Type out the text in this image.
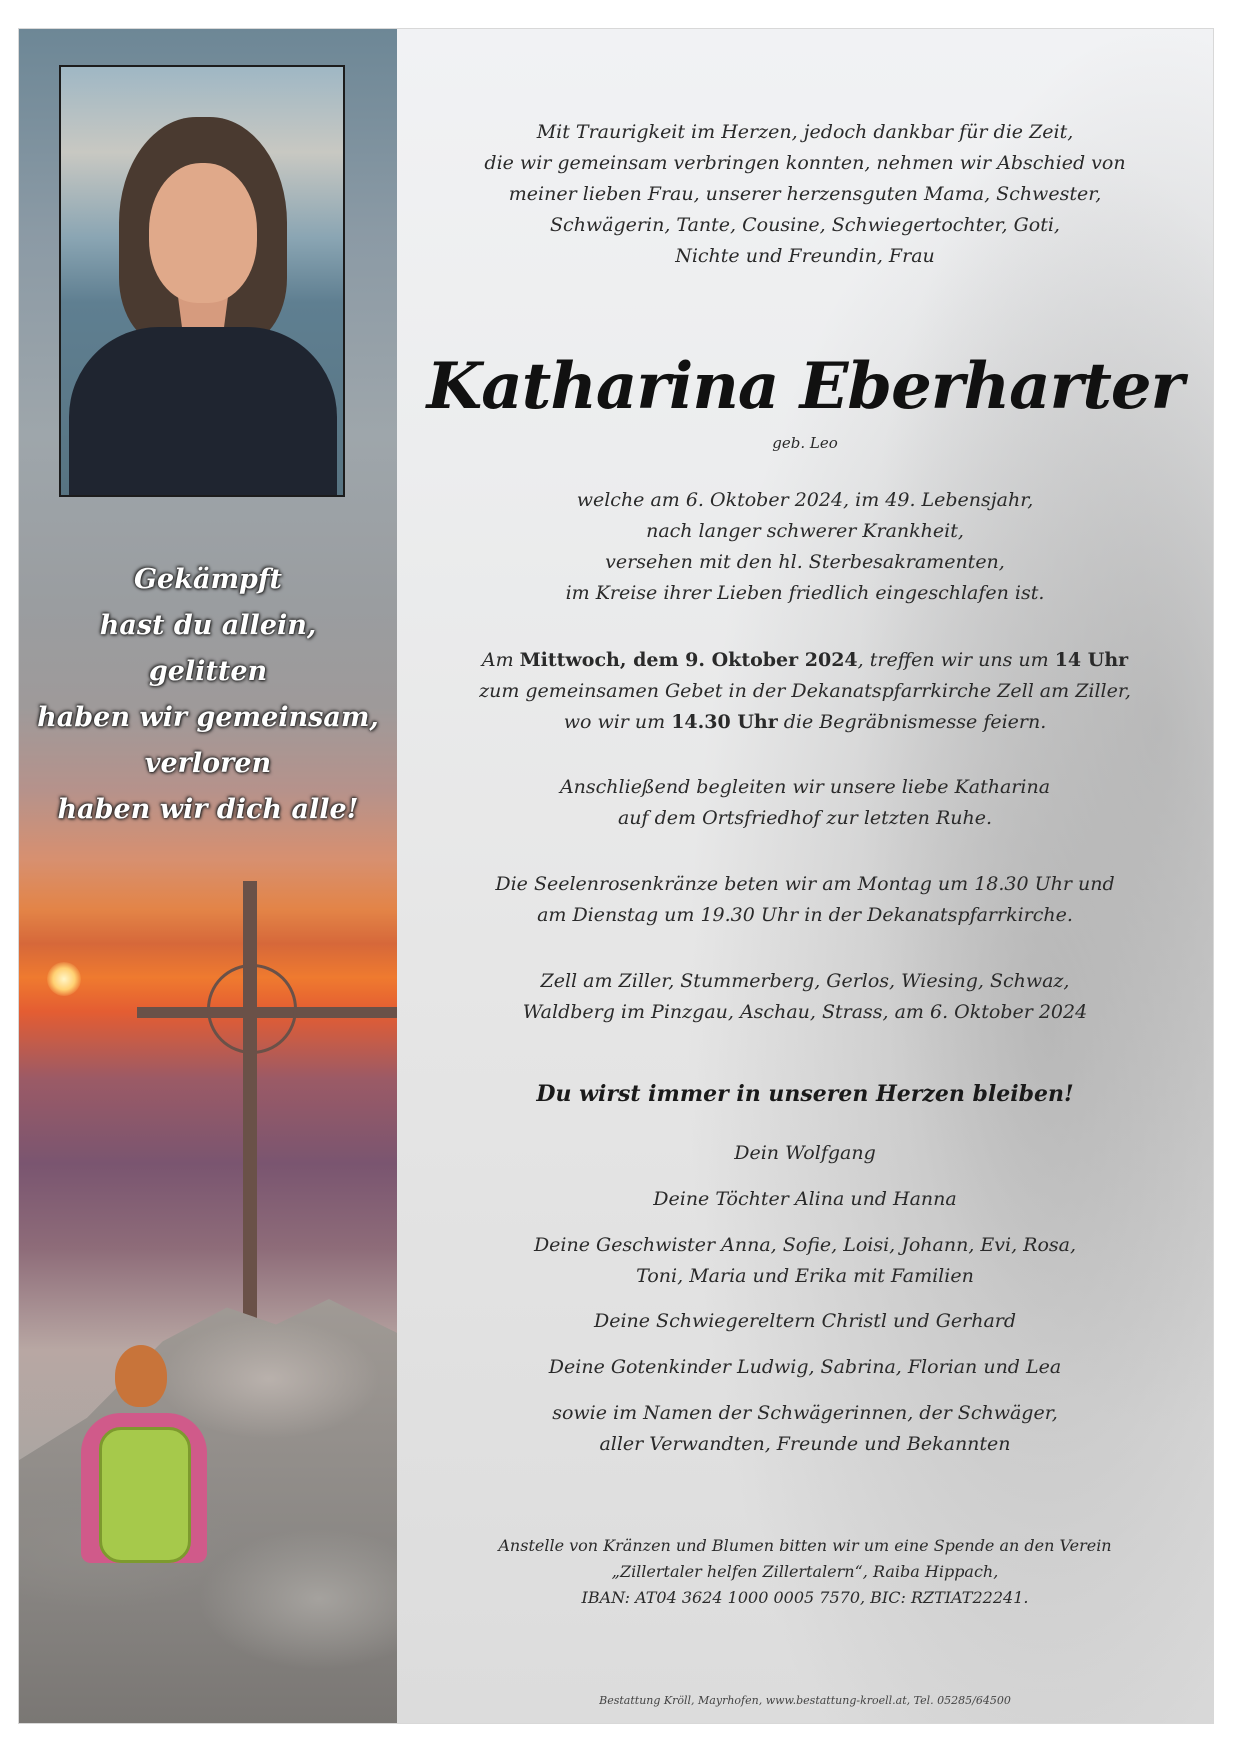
Gekämpft
hast du allein,
gelitten
haben wir gemeinsam,
verloren
haben wir dich alle!
Mit Traurigkeit im Herzen, jedoch dankbar für die Zeit,
die wir gemeinsam verbringen konnten, nehmen wir Abschied von
meiner lieben Frau, unserer herzensguten Mama, Schwester,
Schwägerin, Tante, Cousine, Schwiegertochter, Goti,
Nichte und Freundin, Frau
Katharina Eberharter
geb. Leo
welche am 6. Oktober 2024, im 49. Lebensjahr,
nach langer schwerer Krankheit,
versehen mit den hl. Sterbesakramenten,
im Kreise ihrer Lieben friedlich eingeschlafen ist.
Am Mittwoch, dem 9. Oktober 2024, treffen wir uns um 14 Uhr
zum gemeinsamen Gebet in der Dekanatspfarrkirche Zell am Ziller,
wo wir um 14.30 Uhr die Begräbnismesse feiern.
Anschließend begleiten wir unsere liebe Katharina
auf dem Ortsfriedhof zur letzten Ruhe.
Die Seelenrosenkränze beten wir am Montag um 18.30 Uhr und
am Dienstag um 19.30 Uhr in der Dekanatspfarrkirche.
Zell am Ziller, Stummerberg, Gerlos, Wiesing, Schwaz,
Waldberg im Pinzgau, Aschau, Strass, am 6. Oktober 2024
Du wirst immer in unseren Herzen bleiben!
Dein Wolfgang
Deine Töchter Alina und Hanna
Deine Geschwister Anna, Sofie, Loisi, Johann, Evi, Rosa,
Toni, Maria und Erika mit Familien
Deine Schwiegereltern Christl und Gerhard
Deine Gotenkinder Ludwig, Sabrina, Florian und Lea
sowie im Namen der Schwägerinnen, der Schwäger,
aller Verwandten, Freunde und Bekannten
Anstelle von Kränzen und Blumen bitten wir um eine Spende an den Verein
„Zillertaler helfen Zillertalern“, Raiba Hippach,
IBAN: AT04 3624 1000 0005 7570, BIC: RZTIAT22241.
Bestattung Kröll, Mayrhofen, www.bestattung-kroell.at, Tel. 05285/64500
